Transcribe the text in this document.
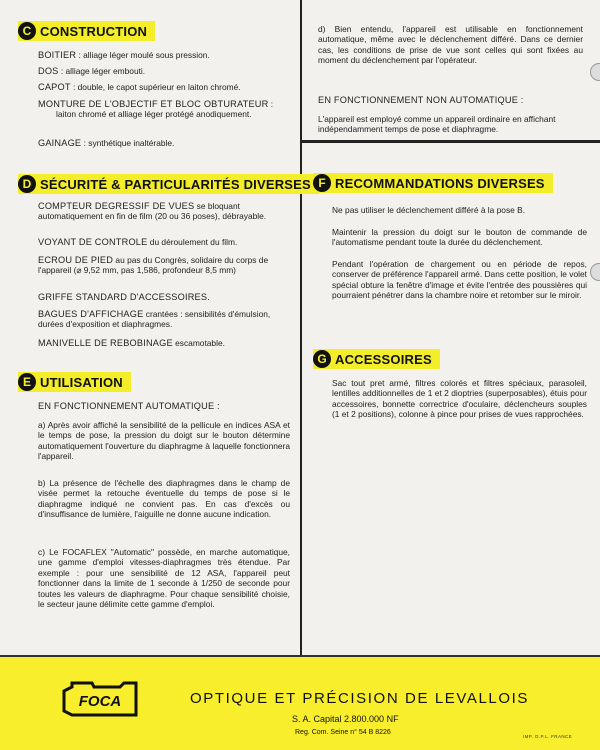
C CONSTRUCTION
BOITIER : alliage léger moulé sous pression.
DOS : alliage léger embouti.
CAPOT : double, le capot supérieur en laiton chromé.
MONTURE DE L'OBJECTIF ET BLOC OBTURATEUR :

laiton chromé et alliage léger protégé anodiquement.
GAINAGE : synthétique inaltérable.
D SÉCURITÉ & PARTICULARITÉS DIVERSES
COMPTEUR DEGRESSIF DE VUES se bloquant automatiquement en fin de film (20 ou 36 poses), débrayable.
VOYANT DE CONTROLE du déroulement du film.
ECROU DE PIED au pas du Congrès, solidaire du corps de l'appareil (⌀ 9,52 mm, pas 1,586, profondeur 8,5 mm)
GRIFFE STANDARD D'ACCESSOIRES.
BAGUES D'AFFICHAGE crantées : sensibilités d'émulsion, durées d'exposition et diaphragmes.
MANIVELLE DE REBOBINAGE escamotable.
E UTILISATION
EN FONCTIONNEMENT AUTOMATIQUE :
a) Après avoir affiché la sensibilité de la pellicule en indices ASA et le temps de pose, la pression du doigt sur le bouton détermine automatiquement l'ouverture du diaphragme à laquelle fonctionnera l'appareil.
b) La présence de l'échelle des diaphragmes dans le champ de visée permet la retouche éventuelle du temps de pose si le diaphragme indiqué ne convient pas. En cas d'excès ou d'insuffisance de lumière, l'aiguille ne donne aucune indication.
c) Le FOCAFLEX "Automatic" possède, en marche automatique, une gamme d'emploi vitesses-diaphragmes très étendue. Par exemple : pour une sensibilité de 12 ASA, l'appareil peut fonctionner dans la limite de 1 seconde à 1/250 de seconde pour toutes les valeurs de diaphragme. Pour chaque sensibilité choisie, le secteur jaune délimite cette gamme d'emploi.
d) Bien entendu, l'appareil est utilisable en fonctionnement automatique, même avec le déclenchement différé. Dans ce dernier cas, les conditions de prise de vue sont celles qui sont fixées au moment du déclenchement par l'opérateur.
EN FONCTIONNEMENT NON AUTOMATIQUE :
L'appareil est employé comme un appareil ordinaire en affichant indépendamment temps de pose et diaphragme.
F RECOMMANDATIONS DIVERSES
Ne pas utiliser le déclenchement différé à la pose B.
Maintenir la pression du doigt sur le bouton de commande de l'automatisme pendant toute la durée du déclenchement.
Pendant l'opération de chargement ou en période de repos, conserver de préférence l'appareil armé. Dans cette position, le volet spécial obture la fenêtre d'image et évite l'entrée des poussières qui pourraient pénétrer dans la chambre noire et retomber sur le miroir.
G ACCESSOIRES
Sac tout pret armé, filtres colorés et filtres spéciaux, parasoleil, lentilles additionnelles de 1 et 2 dioptries (superposables), étuis pour accessoires, bonnette correctrice d'oculaire, déclencheurs souples (1 et 2 positions), colonne à pince pour prises de vues rapprochées.
FOCA	OPTIQUE ET PRÉCISION DE LEVALLOIS
S. A. Capital 2.800.000 NF
Reg. Com. Seine n° 54 B 8226
IMP. O.P.L. FRANCE
